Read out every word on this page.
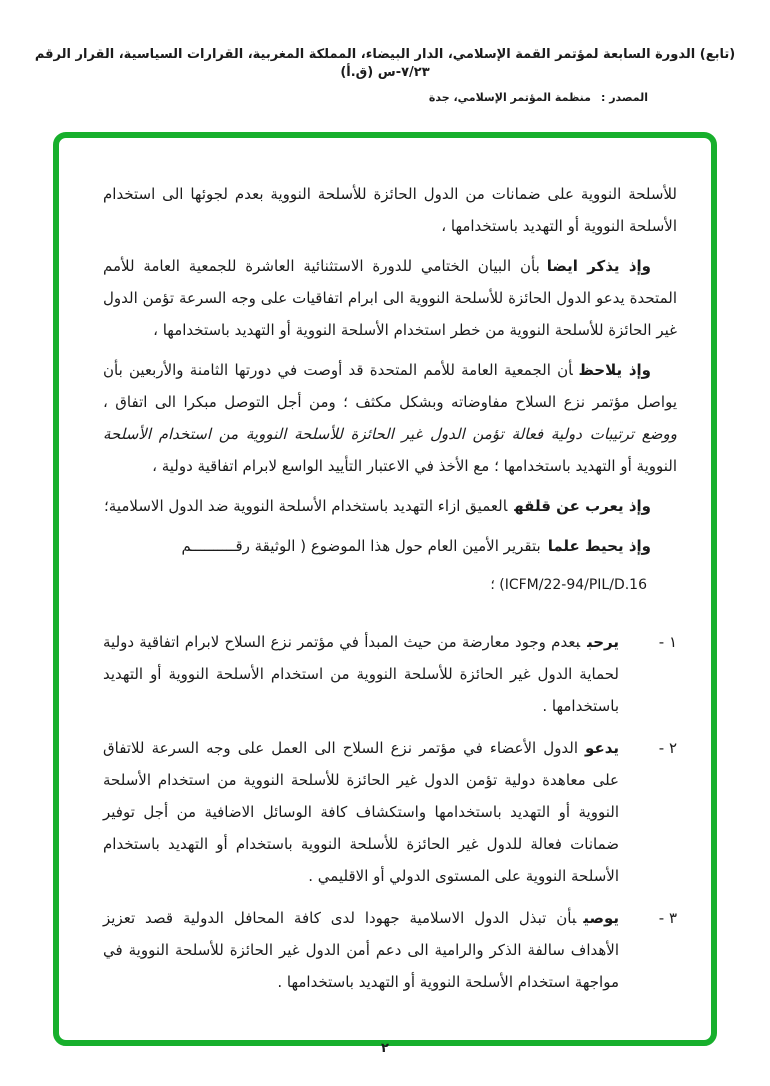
(تابع) الدورة السابعة لمؤتمر القمة الإسلامي، الدار البيضاء، المملكة المغربية، القرارات السياسية، القرار الرقم ٧/٢٣-س (ق.أ)
المصدر :منظمة المؤتمر الإسلامي، جدة

للأسلحة النووية على ضمانات من الدول الحائزة للأسلحة النووية بعدم لجوئها الى استخدام الأسلحة النووية أو التهديد باستخدامها ،

وإذ يذكر ايضابأن البيان الختامي للدورة الاستثنائية العاشرة للجمعية العامة للأمم المتحدة يدعو الدول الحائزة للأسلحة النووية الى ابرام اتفاقيات على وجه السرعة تؤمن الدول غير الحائزة للأسلحة النووية من خطر استخدام الأسلحة النووية أو التهديد باستخدامها ،

وإذ يلاحظأن الجمعية العامة للأمم المتحدة قد أوصت في دورتها الثامنة والأربعين بأن يواصل مؤتمر نزع السلاح مفاوضاته وبشكل مكثف ؛ ومن أجل التوصل مبكرا الى اتفاق ، ووضع ترتيبات دولية فعالة تؤمن الدول غير الحائزة للأسلحة النووية من استخدام الأسلحة النووية أو التهديد باستخدامها ؛ مع الأخذ في الاعتبار التأييد الواسع لابرام اتفاقية دولية ،

وإذ يعرب عن قلقهالعميق ازاء التهديد باستخدام الأسلحة النووية ضد الدول الاسلامية؛

وإذ يحيط علمابتقرير الأمين العام حول هذا الموضوع ( الوثيقة رقــــــــــم

؛ (ICFM/22-94/PIL/D.16
١ -
يرحببعدم وجود معارضة من حيث المبدأ في مؤتمر نزع السلاح لابرام اتفاقية دولية لحماية الدول غير الحائزة للأسلحة النووية من استخدام الأسلحة النووية أو التهديد باستخدامها .
٢ -
يدعوالدول الأعضاء في مؤتمر نزع السلاح الى العمل على وجه السرعة للاتفاق على معاهدة دولية تؤمن الدول غير الحائزة للأسلحة النووية من استخدام الأسلحة النووية أو التهديد باستخدامها واستكشاف كافة الوسائل الاضافية من أجل توفير ضمانات فعالة للدول غير الحائزة للأسلحة النووية باستخدام أو التهديد باستخدام الأسلحة النووية على المستوى الدولي أو الاقليمي .
٣ -
يوصيبأن تبذل الدول الاسلامية جهودا لدى كافة المحافل الدولية قصد تعزيز الأهداف سالفة الذكر والرامية الى دعم أمن الدول غير الحائزة للأسلحة النووية في مواجهة استخدام الأسلحة النووية أو التهديد باستخدامها .
٢
